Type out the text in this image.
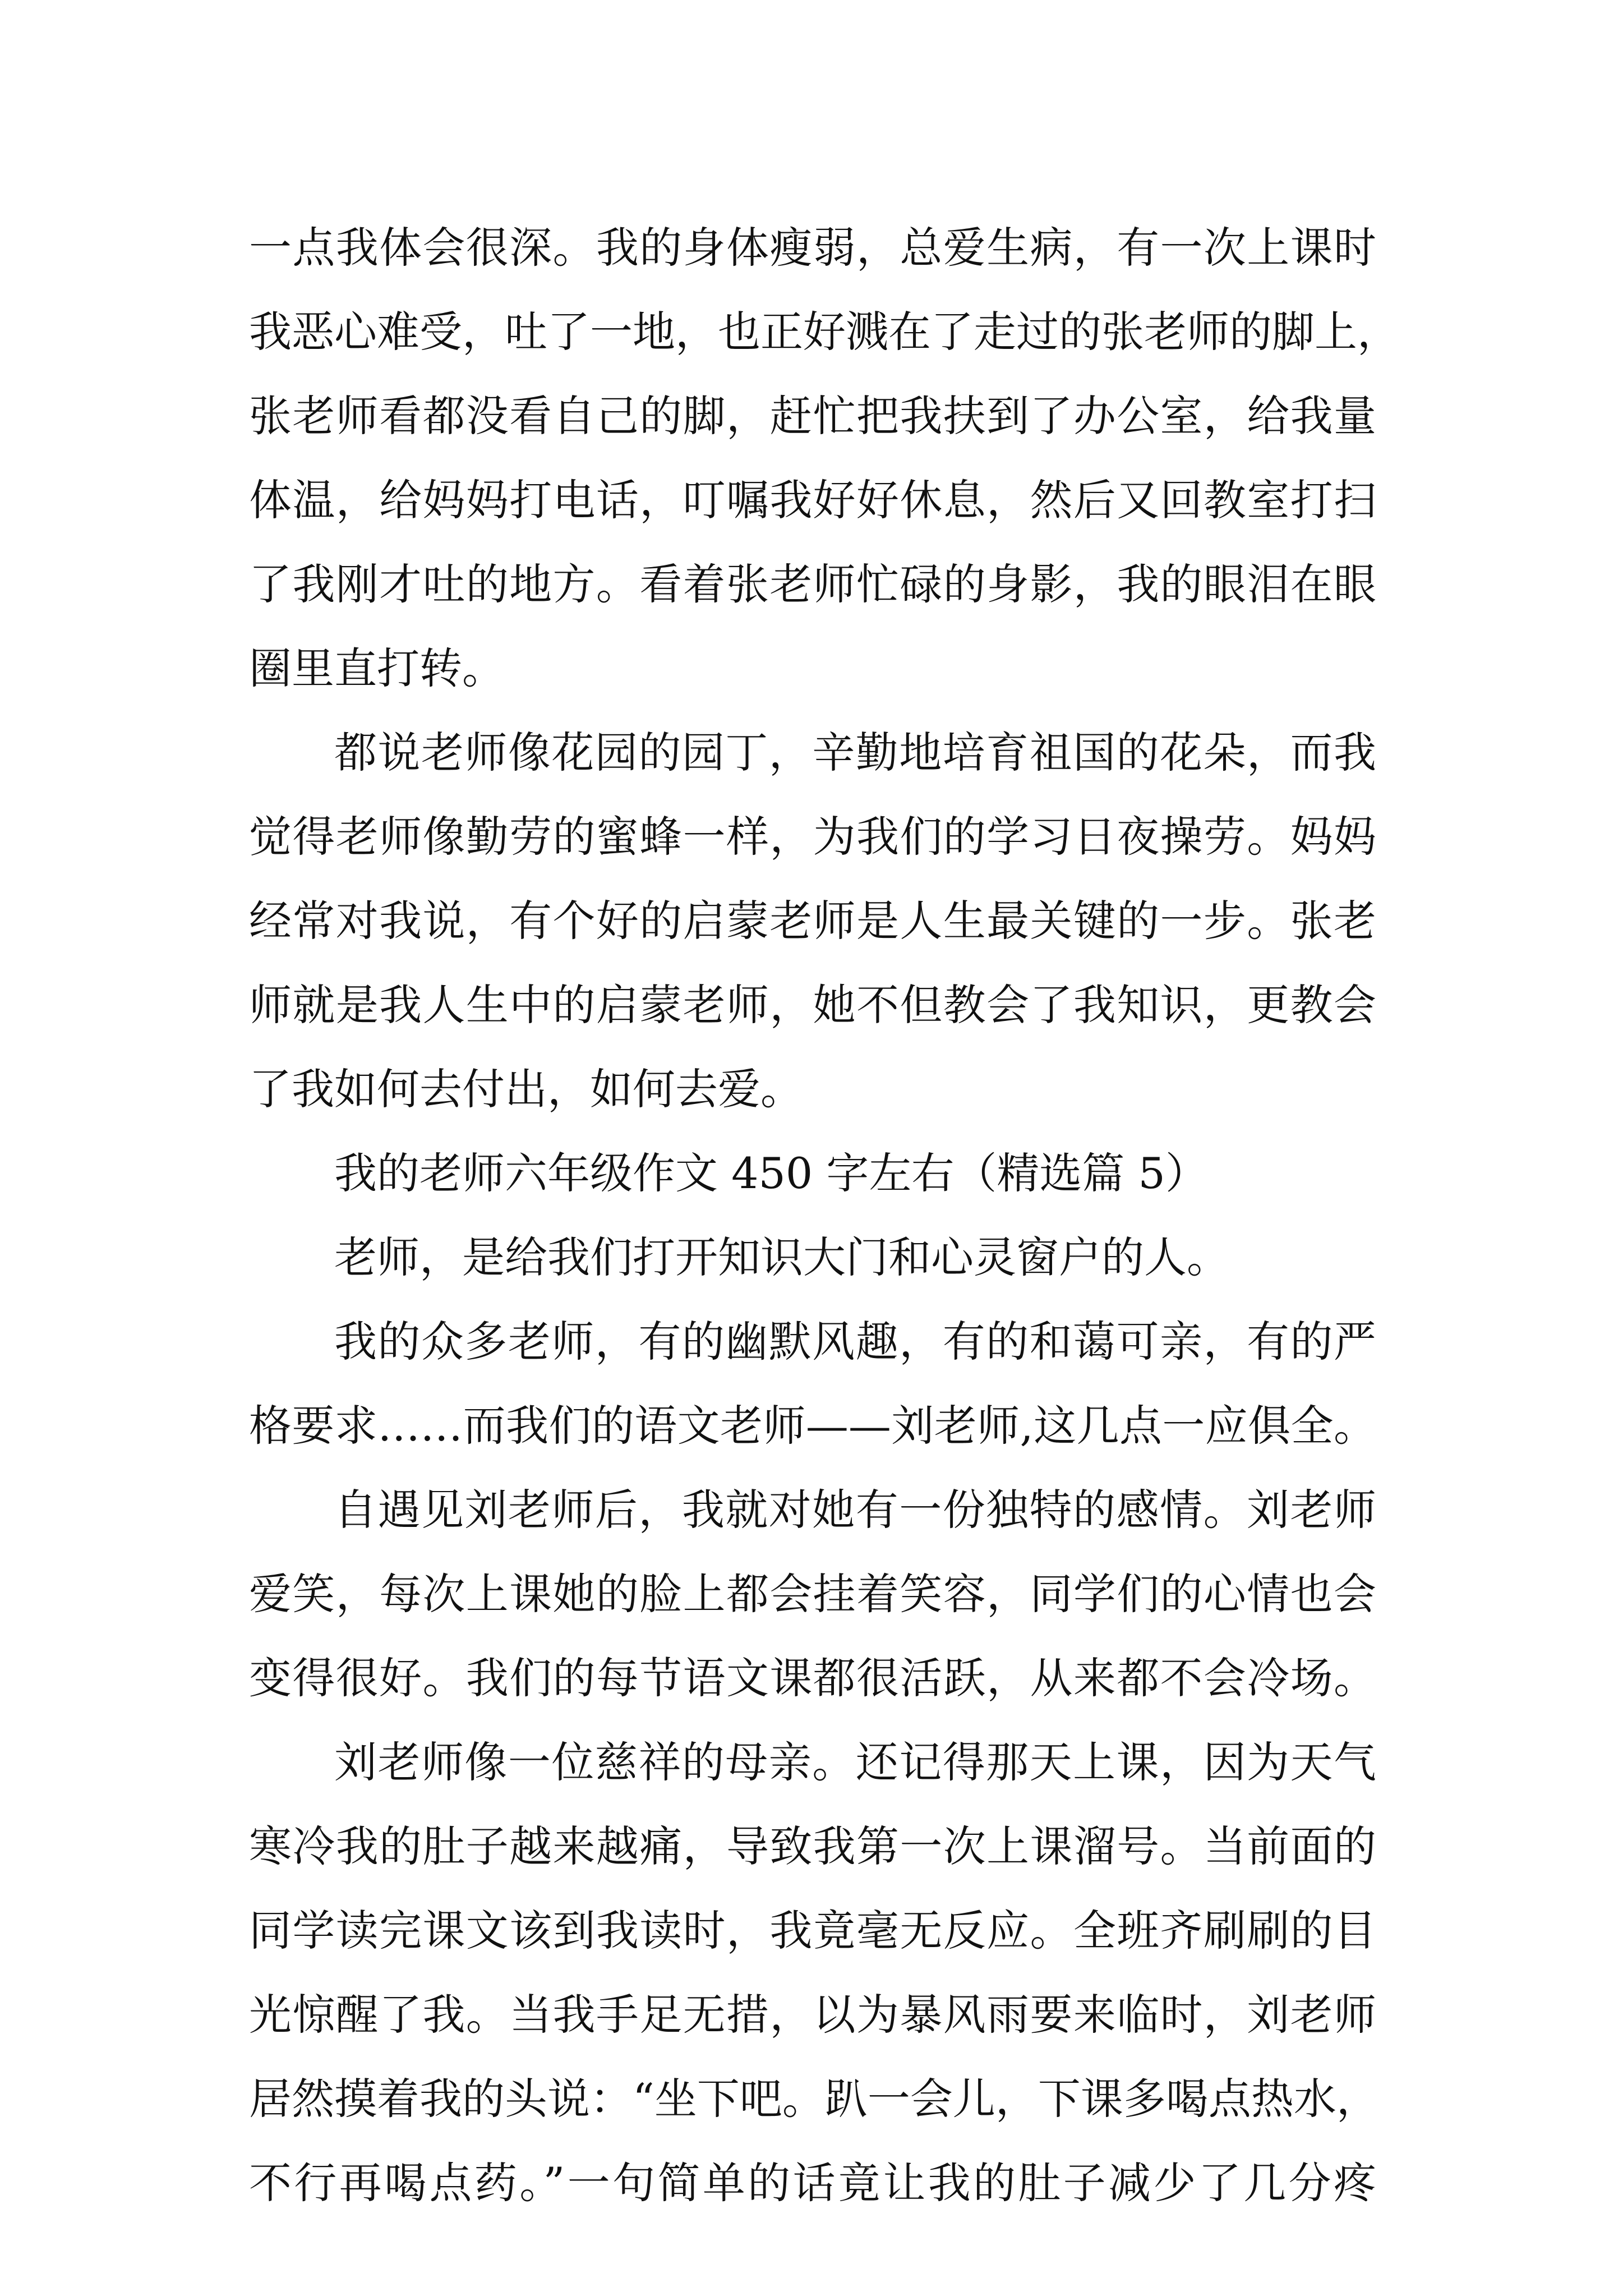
一点我体会很深。我的身体瘦弱，总爱生病，有一次上课时
我恶心难受，吐了一地，也正好溅在了走过的张老师的脚上，
张老师看都没看自己的脚，赶忙把我扶到了办公室，给我量
体温，给妈妈打电话，叮嘱我好好休息，然后又回教室打扫
了我刚才吐的地方。看着张老师忙碌的身影，我的眼泪在眼
圈里直打转。
都说老师像花园的园丁，辛勤地培育祖国的花朵，而我
觉得老师像勤劳的蜜蜂一样，为我们的学习日夜操劳。妈妈
经常对我说，有个好的启蒙老师是人生最关键的一步。张老
师就是我人生中的启蒙老师，她不但教会了我知识，更教会
了我如何去付出，如何去爱。
我的老师六年级作文 450 字左右（精选篇 5）
老师，是给我们打开知识大门和心灵窗户的人。
我的众多老师，有的幽默风趣，有的和蔼可亲，有的严
格要求……而我们的语文老师——刘老师,这几点一应俱全。
自遇见刘老师后，我就对她有一份独特的感情。刘老师
爱笑，每次上课她的脸上都会挂着笑容，同学们的心情也会
变得很好。我们的每节语文课都很活跃，从来都不会冷场。
刘老师像一位慈祥的母亲。还记得那天上课，因为天气
寒冷我的肚子越来越痛，导致我第一次上课溜号。当前面的
同学读完课文该到我读时，我竟毫无反应。全班齐刷刷的目
光惊醒了我。当我手足无措，以为暴风雨要来临时，刘老师
居然摸着我的头说：“坐下吧。趴一会儿，下课多喝点热水，
不行再喝点药。”一句简单的话竟让我的肚子减少了几分疼
